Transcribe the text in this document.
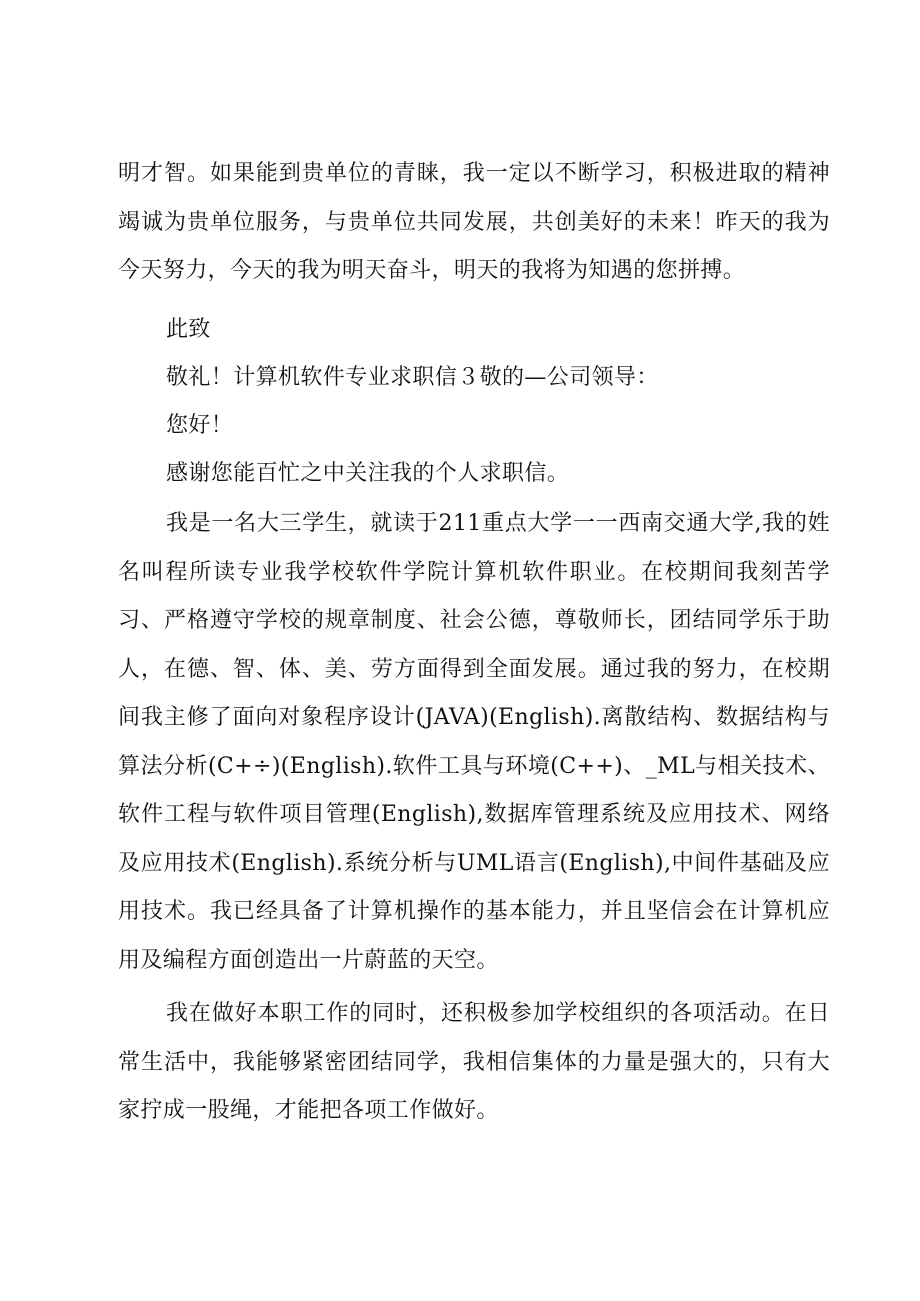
明才智。如果能到贵单位的青睐，我一定以不断学习，积极进取的精神竭诚为贵单位服务，与贵单位共同发展，共创美好的未来！昨天的我为今天努力，今天的我为明天奋斗，明天的我将为知遇的您拼搏。
此致
敬礼！计算机软件专业求职信３敬的—公司领导：
您好！
感谢您能百忙之中关注我的个人求职信。
我是一名大三学生，就读于211重点大学一一西南交通大学,我的姓名叫程所读专业我学校软件学院计算机软件职业。在校期间我刻苦学习、严格遵守学校的规章制度、社会公德，尊敬师长，团结同学乐于助人，在德、智、体、美、劳方面得到全面发展。通过我的努力，在校期间我主修了面向对象程序设计(JAVA)(English).离散结构、数据结构与算法分析(C+÷)(English).软件工具与环境(C++)、_ML与相关技术、软件工程与软件项目管理(English),数据库管理系统及应用技术、网络及应用技术(English).系统分析与UML语言(English),中间件基础及应用技术。我已经具备了计算机操作的基本能力，并且坚信会在计算机应用及编程方面创造出一片蔚蓝的天空。
我在做好本职工作的同时，还积极参加学校组织的各项活动。在日常生活中，我能够紧密团结同学，我相信集体的力量是强大的，只有大家拧成一股绳，才能把各项工作做好。
